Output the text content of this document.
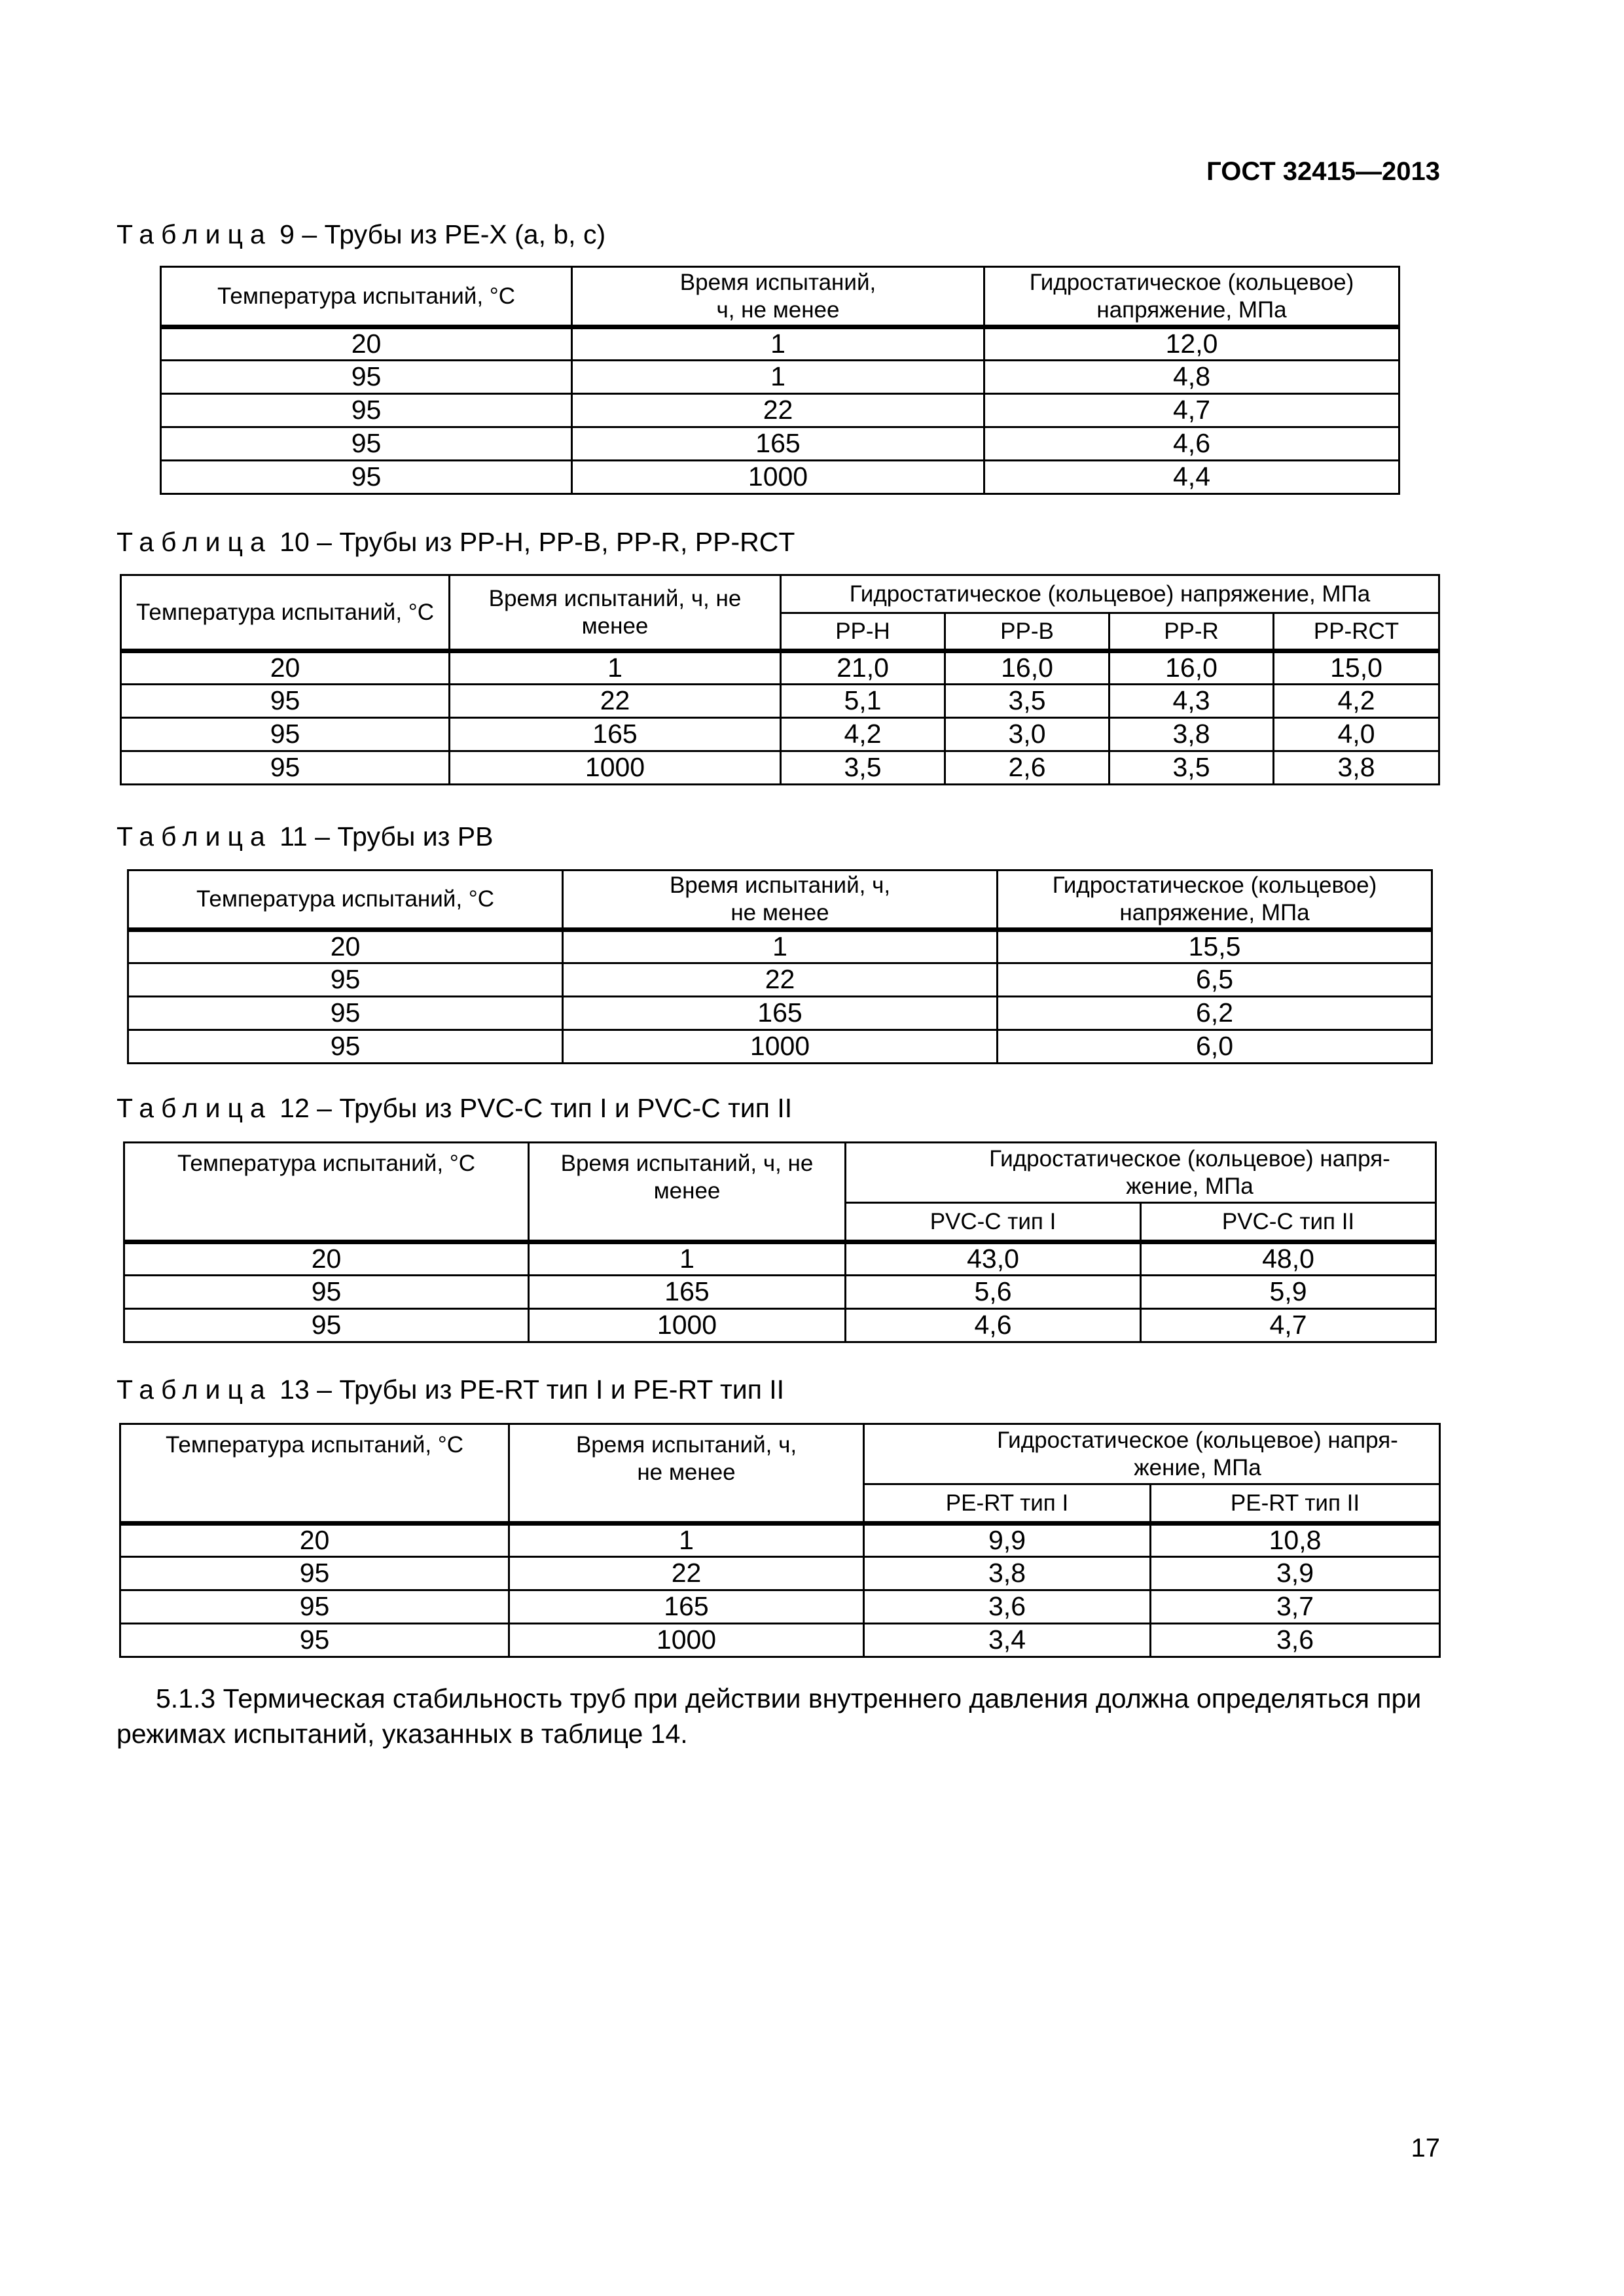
ГОСТ 32415—2013
Таблица 9 – Трубы из PE-X (a, b, c)
Температура испытаний, °С	Время испытаний, ч, не менее	Гидростатическое (кольцевое) напряжение, МПа
20	1	12,0
95	1	4,8
95	22	4,7
95	165	4,6
95	1000	4,4
Таблица 10 – Трубы из PP-H, PP-B, PP-R, PP-RCT
Температура испытаний, °С	Время испытаний, ч, не менее	Гидростатическое (кольцевое) напряжение, МПа			
		PP-H	PP-B	PP-R	PP-RCT
20	1	21,0	16,0	16,0	15,0
95	22	5,1	3,5	4,3	4,2
95	165	4,2	3,0	3,8	4,0
95	1000	3,5	2,6	3,5	3,8
Таблица 11 – Трубы из PB
Температура испытаний, °С	Время испытаний, ч, не менее	Гидростатическое (кольцевое) напряжение, МПа
20	1	15,5
95	22	6,5
95	165	6,2
95	1000	6,0
Таблица 12 – Трубы из PVC-C тип I и PVC-C тип II
Температура испытаний, °С	Время испытаний, ч, не менее	Гидростатическое (кольцевое) напря-жение, МПа	
		PVC-C тип I	PVC-C тип II
20	1	43,0	48,0
95	165	5,6	5,9
95	1000	4,6	4,7
Таблица 13 – Трубы из PE-RT тип I и PE-RT тип II
Температура испытаний, °С	Время испытаний, ч, не менее	Гидростатическое (кольцевое) напря-жение, МПа	
		PE-RT тип I	PE-RT тип II
20	1	9,9	10,8
95	22	3,8	3,9
95	165	3,6	3,7
95	1000	3,4	3,6
5.1.3 Термическая стабильность труб при действии внутреннего давления должна определяться при режимах испытаний, указанных в таблице 14.
17
